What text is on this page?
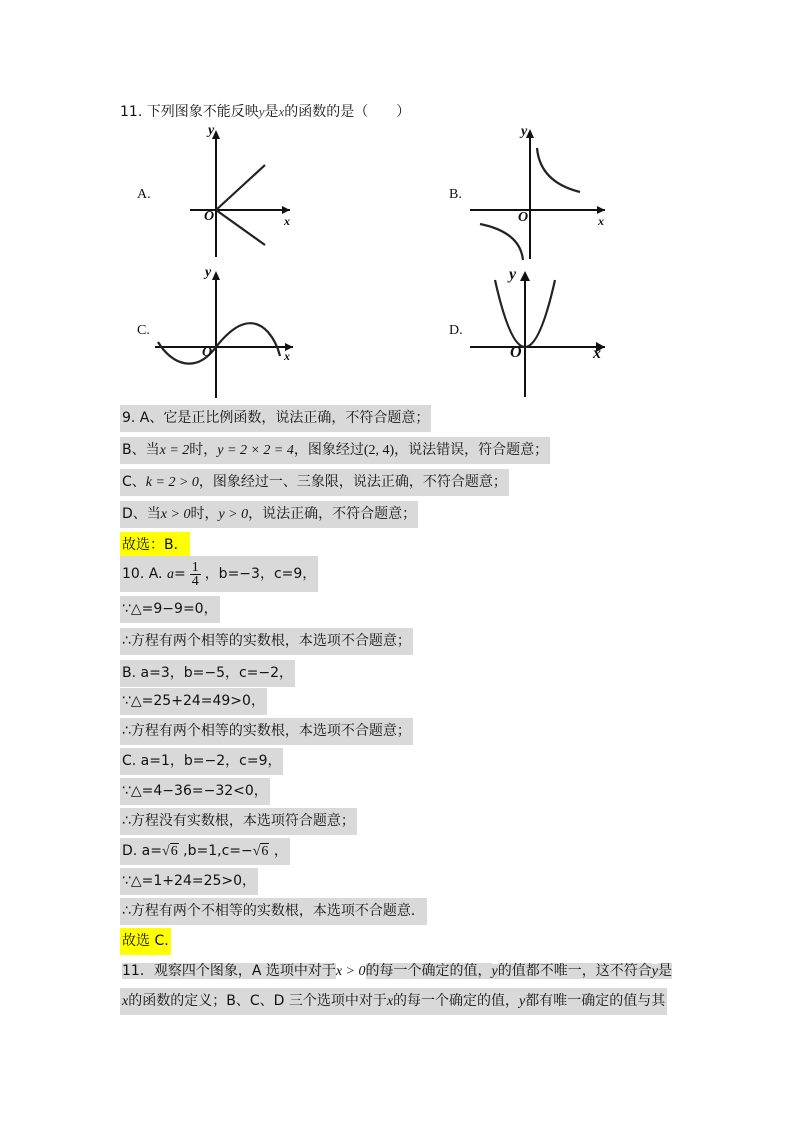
11. 下列图象不能反映y是x的函数的是（　　）
A.	B.
C.	D.
y
x
O
y
x
O
y
x
O
y
x
O
9. A、它是正比例函数，说法正确，不符合题意；
B、当x = 2时，y = 2 × 2 = 4，图象经过(2, 4)，说法错误，符合题意；
C、k = 2 > 0，图象经过一、三象限，说法正确，不符合题意；
D、当x > 0时，y > 0，说法正确，不符合题意；
故选：B．
10. A. $a= \frac{1}{4}$ ，b=−3，c=9，
∵△=9−9=0，
∴方程有两个相等的实数根，本选项不合题意；
B. a=3，b=−5，c=−2，
∵△=25+24=49>0，
∴方程有两个相等的实数根，本选项不合题意；
C. a=1，b=−2，c=9，
∵△=4−36=−32<0，
∴方程没有实数根，本选项符合题意；
D. a=√6 ,b=1,c=−√6 ，
∵△=1+24=25>0，
∴方程有两个不相等的实数根，本选项不合题意．
故选 C.
11．观察四个图象，A 选项中对于x > 0的每一个确定的值，y的值都不唯一，这不符合y是
x的函数的定义；B、C、D 三个选项中对于x的每一个确定的值，y都有唯一确定的值与其
